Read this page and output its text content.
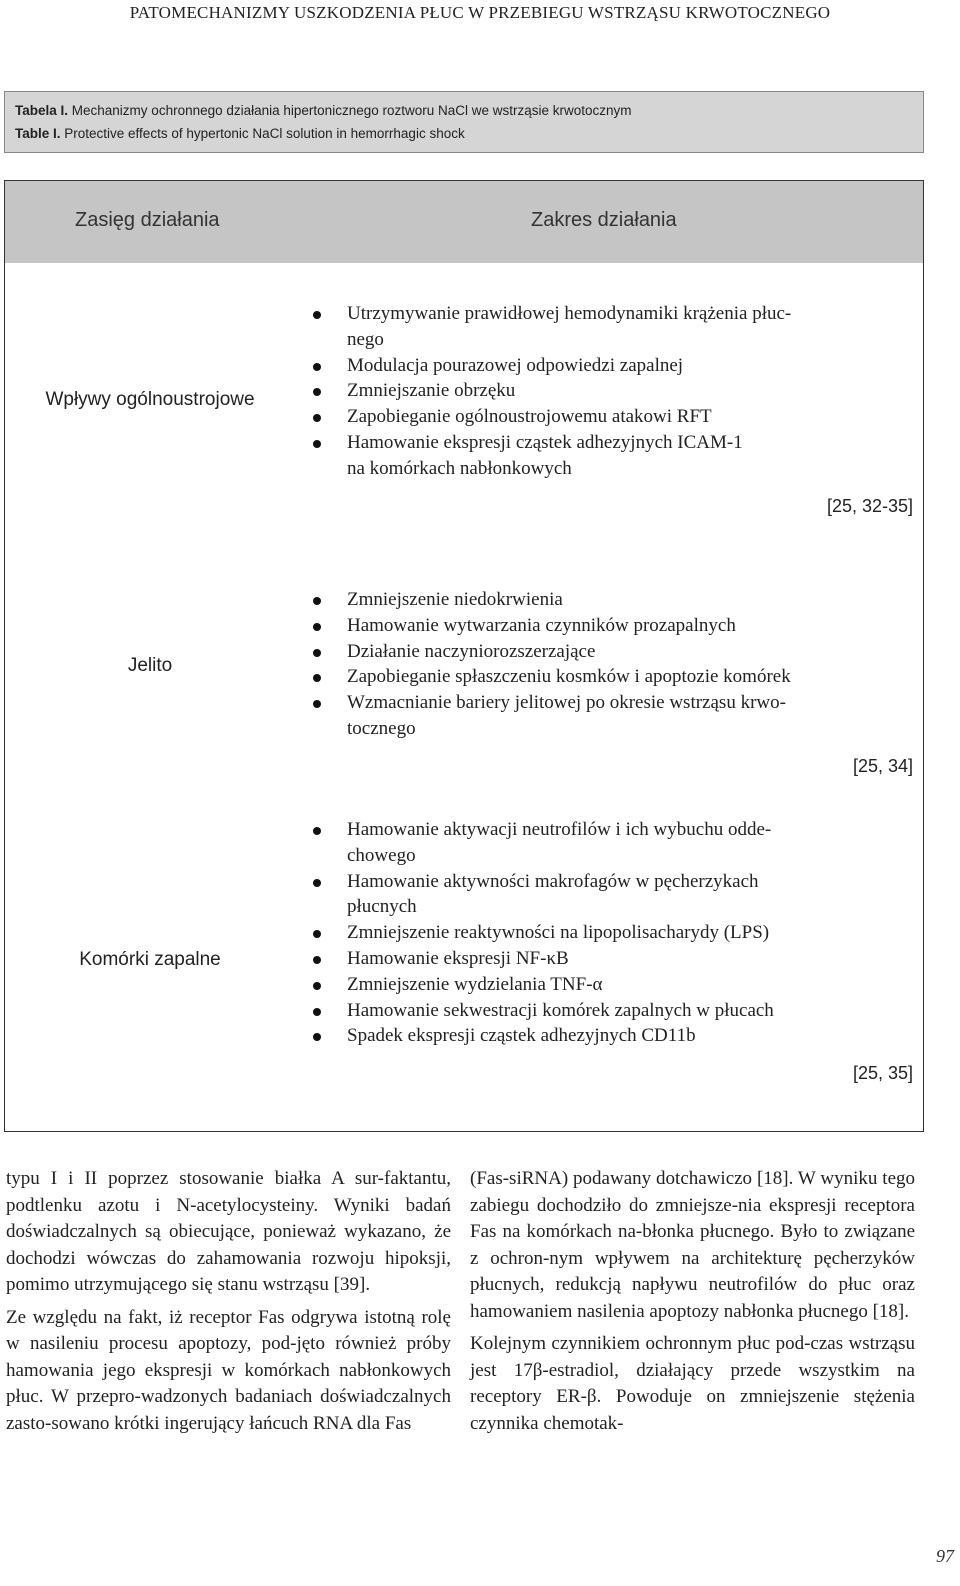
PATOMECHANIZMY USZKODZENIA PŁUC W PRZEBIEGU WSTRZĄSU KRWOTOCZNEGO
Tabela I. Mechanizmy ochronnego działania hipertonicznego roztworu NaCl we wstrząsie krwotocznym
Table I. Protective effects of hypertonic NaCl solution in hemorrhagic shock
Zasięg działania	Zakres działania
Wpływy ogólnoustrojowe
Utrzymywanie prawidłowej hemodynamiki krążenia płuc-
nego
Modulacja pourazowej odpowiedzi zapalnej
Zmniejszanie obrzęku
Zapobieganie ogólnoustrojowemu atakowi RFT
Hamowanie ekspresji cząstek adhezyjnych ICAM-1
na komórkach nabłonkowych
[25, 32-35]
Jelito
Zmniejszenie niedokrwienia
Hamowanie wytwarzania czynników prozapalnych
Działanie naczyniorozszerzające
Zapobieganie spłaszczeniu kosmków i apoptozie komórek
Wzmacnianie bariery jelitowej po okresie wstrząsu krwo-
tocznego
[25, 34]
Komórki zapalne
Hamowanie aktywacji neutrofilów i ich wybuchu odde-
chowego
Hamowanie aktywności makrofagów w pęcherzykach
płucnych
Zmniejszenie reaktywności na lipopolisacharydy (LPS)
Hamowanie ekspresji NF-κB
Zmniejszenie wydzielania TNF-α
Hamowanie sekwestracji komórek zapalnych w płucach
Spadek ekspresji cząstek adhezyjnych CD11b
[25, 35]

typu I i II poprzez stosowanie białka A sur-faktantu, podtlenku azotu i N-acetylocysteiny. Wyniki badań doświadczalnych są obiecujące, ponieważ wykazano, że dochodzi wówczas do zahamowania rozwoju hipoksji, pomimo utrzymującego się stanu wstrząsu [39].

Ze względu na fakt, iż receptor Fas odgrywa istotną rolę w nasileniu procesu apoptozy, pod-jęto również próby hamowania jego ekspresji w komórkach nabłonkowych płuc. W przepro-wadzonych badaniach doświadczalnych zasto-sowano krótki ingerujący łańcuch RNA dla Fas

(Fas-siRNA) podawany dotchawiczo [18]. W wyniku tego zabiegu dochodziło do zmniejsze-nia ekspresji receptora Fas na komórkach na-błonka płucnego. Było to związane z ochron-nym wpływem na architekturę pęcherzyków płucnych, redukcją napływu neutrofilów do płuc oraz hamowaniem nasilenia apoptozy nabłonka płucnego [18].

Kolejnym czynnikiem ochronnym płuc pod-czas wstrząsu jest 17β-estradiol, działający przede wszystkim na receptory ER-β. Powoduje on zmniejszenie stężenia czynnika chemotak-

97
